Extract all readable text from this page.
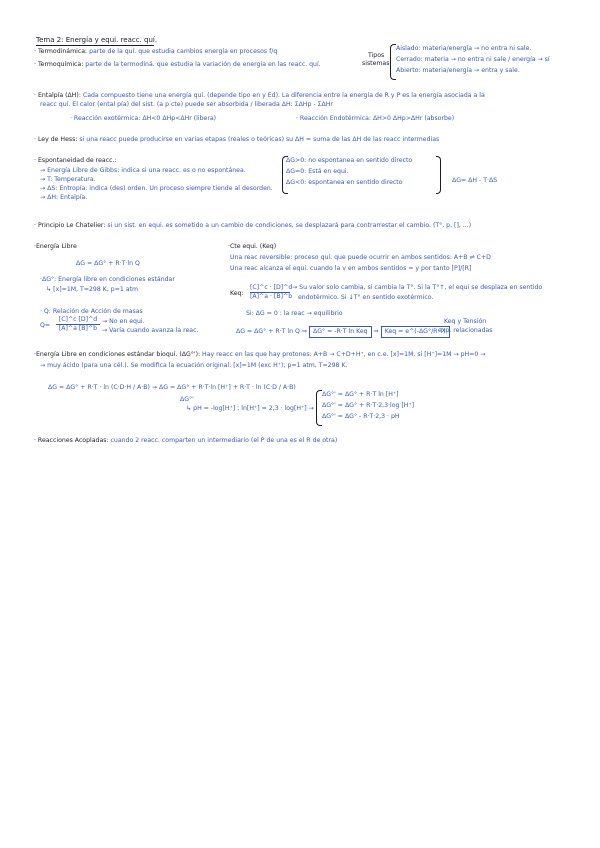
Tema 2: Energía y equi. reacc. quí.
· Termodinámica: parte de la quí. que estudia cambios energía en procesos f/q
· Termoquímica: parte de la termodiná. que estudia la variación de energía en las reacc. quí.
Tipos
sistemas
Aislado: materia/energía → no entra ni sale.
Cerrado: materia → no entra ni sale / energía → sí
Abierto: materia/energía → entra y sale.
· Entalpía (ΔH): Cada compuesto tiene una energía quí. (depende tipo en y Ed). La diferencia entre la energía de R y P es la energía asociada a la
reacc quí. El calor (ental pía) del sist. (a p cte) puede ser absorbida / liberada ΔH: ΣΔHp - ΣΔHr
· Reacción exotérmica: ΔH<0 ΔHp<ΔHr (libera)	· Reacción Endotérmica: ΔH>0 ΔHp>ΔHr (absorbe)
· Ley de Hess: si una reacc puede producirse en varias etapas (reales o teóricas) su ΔH = suma de las ΔH de las reacc intermedias
· Espontaneidad de reacc.:
→ Energía Libre de Gibbs: indica si una reacc. es o no espontánea.
→ T: Temperatura.
→ ΔS: Entropía: indica (des) orden. Un proceso siempre tiende al desorden.
→ ΔH: Entalpía.
ΔG>0: no espontanea en sentido directo
ΔG=0: Está en equi.
ΔG<0: espontanea en sentido directo	ΔG= ΔH - T·ΔS
· Principio Le Chatelier: si un sist. en equi. es sometido a un cambio de condiciones, se desplazará para contrarrestar el cambio. (T°, p, [], ...)
·Energía Libre
ΔG = ΔG° + R·T·ln Q
·ΔG°: Energía libre en condiciones estándar
↳ [x]=1M, T=298 K, p=1 atm
· Q: Relación de Acción de masas
$Q= \frac{[C]\^{}c [D]\^{}d}{[A]\^{}a [B]\^{}b} \to No$ en equi.
→ Varía cuando avanza la reac.
·Cte equi. (Keq)
Una reac reversible: proceso quí. que puede ocurrir en ambos sentidos: A+B ⇌ C+D
Una reac alcanza el equi. cuando la v en ambos sentidos = y por tanto [P]/[R]
Keq: $\frac{[C]\^{}c \cdot [D]\^{}d}{[A]\^{}a \cdot [B]\^{}b} \to Su$ valor solo cambia, si cambia la T°. Si la T°↑, el equi se desplaza en sentido
endotérmico. Si ↓T° en sentido exotérmico.
Si: ΔG = 0 : la reac → equilibrio
ΔG = ΔG° + R·T ln Q ⇒ ΔG° = -R·T ln Keq ⇒ Keq = e^(-ΔG°/R·T)
Keq y Tensión
exp. relacionadas
·Energía Libre en condiciones estándar bioquí. (ΔG°'): Hay reacc en las que hay protones: A+B → C+D+H⁺, en c.e. [x]=1M, si [H⁺]=1M → pH=0 →
→ muy ácido (para una cél.). Se modifica la ecuación original: [x]=1M (exc H⁺); p=1 atm, T=298 K.
ΔG = ΔG° + R·T · ln (C·D·H / A·B) → ΔG = ΔG° + R·T·ln [H⁺] + R·T · ln (C·D / A·B)
ΔG°'
↳ pH = -log[H⁺] ; ln[H⁺] = 2,3 · log[H⁺] →
ΔG°' = ΔG° + R·T ln [H⁺]
ΔG°' = ΔG° + R·T·2,3·log [H⁺]
ΔG°' = ΔG° - R·T·2,3 · pH
· Reacciones Acopladas: cuando 2 reacc. comparten un intermediario (el P de una es el R de otra)
